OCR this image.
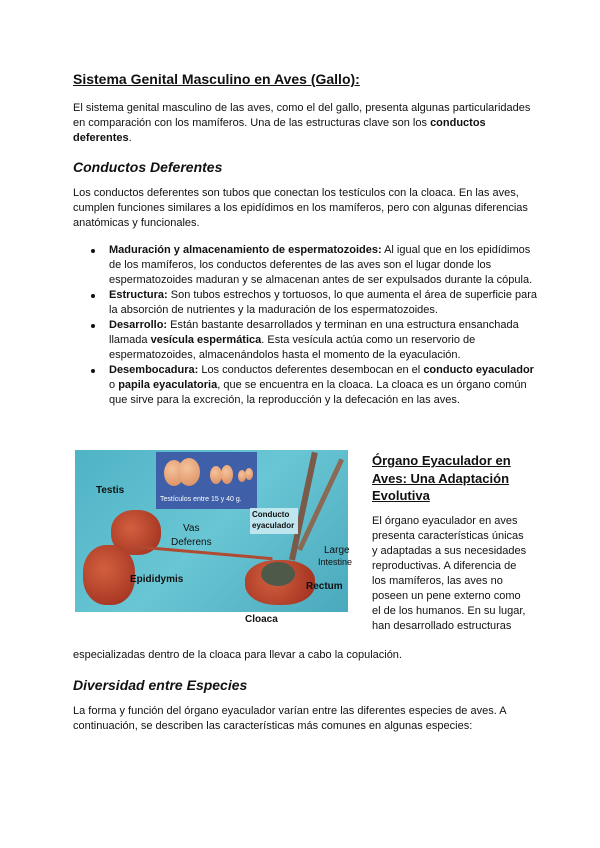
Sistema Genital Masculino en Aves (Gallo):

El sistema genital masculino de las aves, como el del gallo, presenta algunas particularidades en comparación con los mamíferos. Una de las estructuras clave son los conductos deferentes.

Conductos Deferentes

Los conductos deferentes son tubos que conectan los testículos con la cloaca. En las aves, cumplen funciones similares a los epidídimos en los mamíferos, pero con algunas diferencias anatómicas y funcionales.

Maduración y almacenamiento de espermatozoides: Al igual que en los epidídimos de los mamíferos, los conductos deferentes de las aves son el lugar donde los espermatozoides maduran y se almacenan antes de ser expulsados durante la cópula.
Estructura: Son tubos estrechos y tortuosos, lo que aumenta el área de superficie para la absorción de nutrientes y la maduración de los espermatozoides.
Desarrollo: Están bastante desarrollados y terminan en una estructura ensanchada llamada vesícula espermática. Esta vesícula actúa como un reservorio de espermatozoides, almacenándolos hasta el momento de la eyaculación.
Desembocadura: Los conductos deferentes desembocan en el conducto eyaculador o papila eyaculatoria, que se encuentra en la cloaca. La cloaca es un órgano común que sirve para la excreción, la reproducción y la defecación en las aves.
Testículos entre 15 y 40 g.
Testis
Vas
Deferens
Conducto
eyaculador
Large
Intestine
Epididymis
Rectum
Cloaca
Órgano Eyaculador en Aves: Una Adaptación Evolutiva

El órgano eyaculador en aves presenta características únicas y adaptadas a sus necesidades reproductivas. A diferencia de los mamíferos, las aves no poseen un pene externo como el de los humanos. En su lugar, han desarrollado estructuras

especializadas dentro de la cloaca para llevar a cabo la copulación.

Diversidad entre Especies

La forma y función del órgano eyaculador varían entre las diferentes especies de aves. A continuación, se describen las características más comunes en algunas especies:
